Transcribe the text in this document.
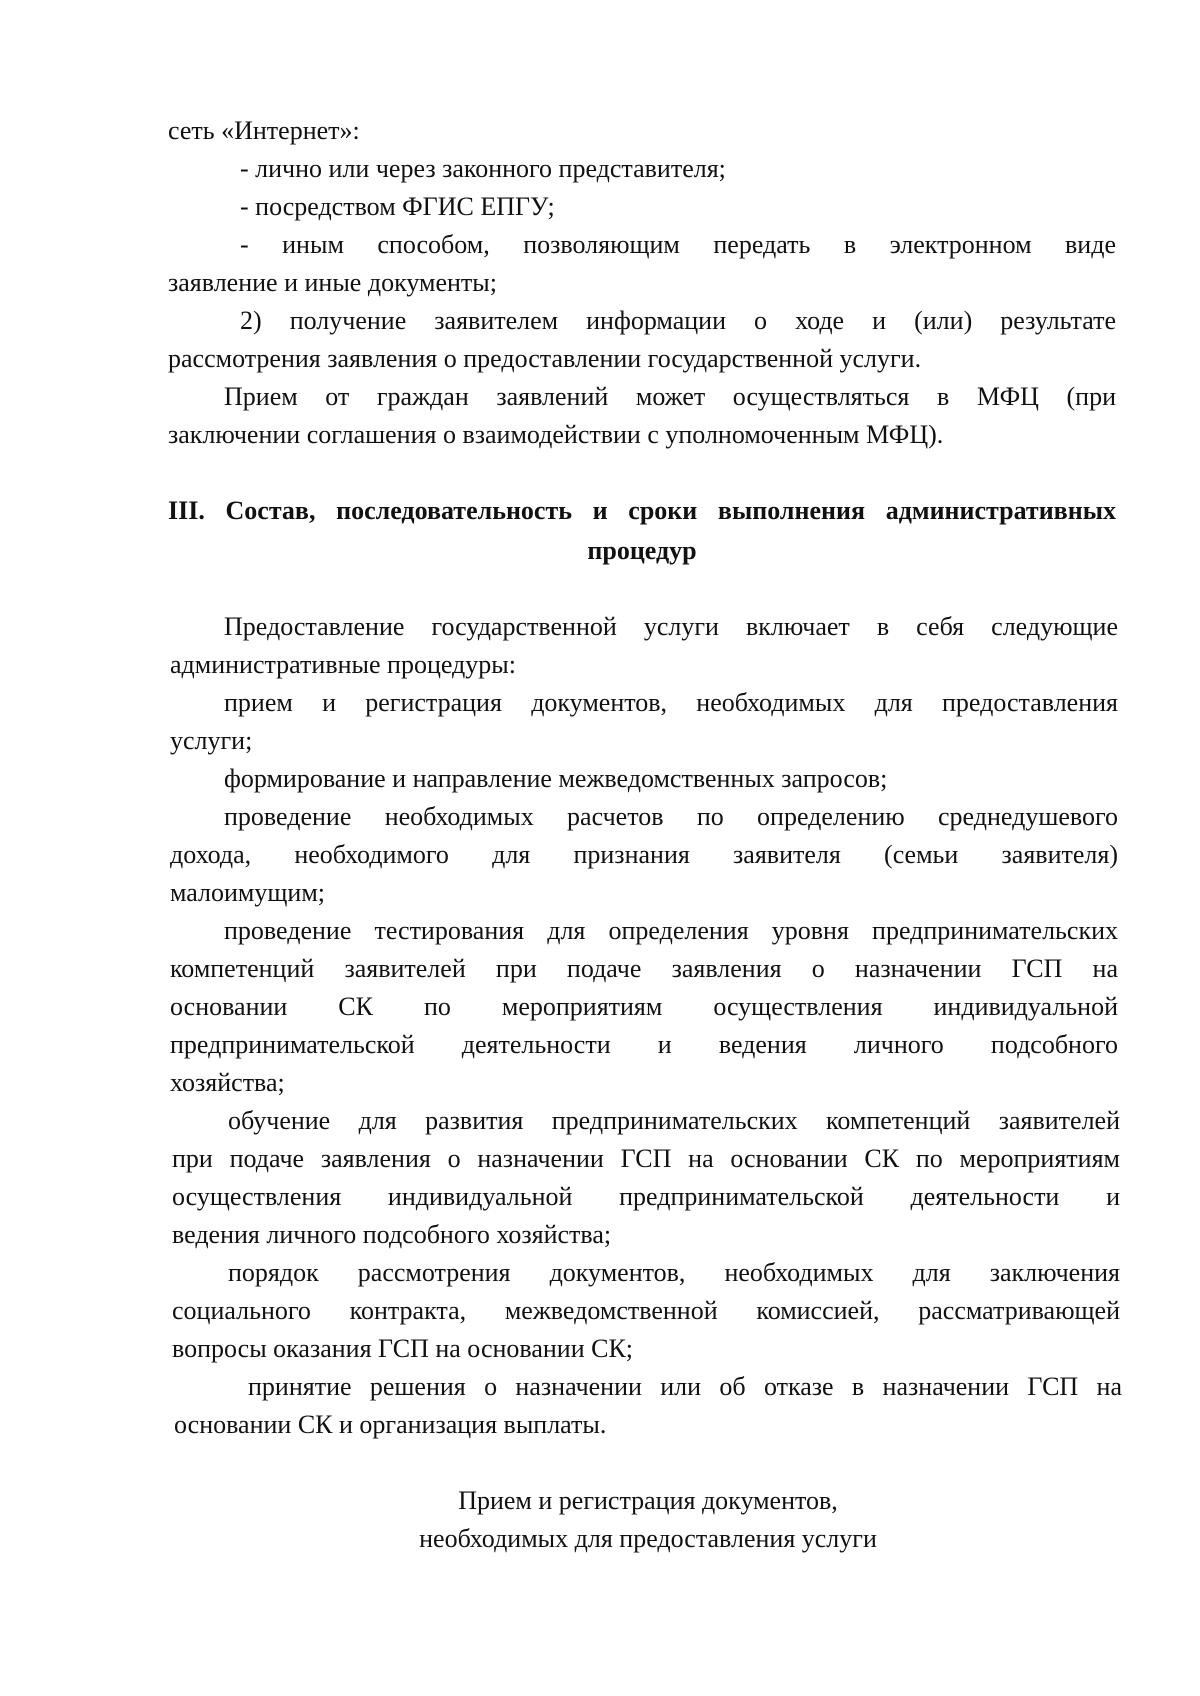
сеть «Интернет»:
- лично или через законного представителя;
- посредством ФГИС ЕПГУ;
- иным способом, позволяющим передать в электронном виде
заявление и иные документы;
2) получение заявителем информации о ходе и (или) результате
рассмотрения заявления о предоставлении государственной услуги.
Прием от граждан заявлений может осуществляться в МФЦ (при
заключении соглашения о взаимодействии с уполномоченным МФЦ).
III. Состав, последовательность и сроки выполнения административных
процедур
Предоставление государственной услуги включает в себя следующие
административные процедуры:
прием и регистрация документов, необходимых для предоставления
услуги;
формирование и направление межведомственных запросов;
проведение необходимых расчетов по определению среднедушевого
дохода, необходимого для признания заявителя (семьи заявителя)
малоимущим;
проведение тестирования для определения уровня предпринимательских
компетенций заявителей при подаче заявления о назначении ГСП на
основании СК по мероприятиям осуществления индивидуальной
предпринимательской деятельности и ведения личного подсобного
хозяйства;
обучение для развития предпринимательских компетенций заявителей
при подаче заявления о назначении ГСП на основании СК по мероприятиям
осуществления индивидуальной предпринимательской деятельности и
ведения личного подсобного хозяйства;
порядок рассмотрения документов, необходимых для заключения
социального контракта, межведомственной комиссией, рассматривающей
вопросы оказания ГСП на основании СК;
принятие решения о назначении или об отказе в назначении ГСП на
основании СК и организация выплаты.
Прием и регистрация документов,
необходимых для предоставления услуги
